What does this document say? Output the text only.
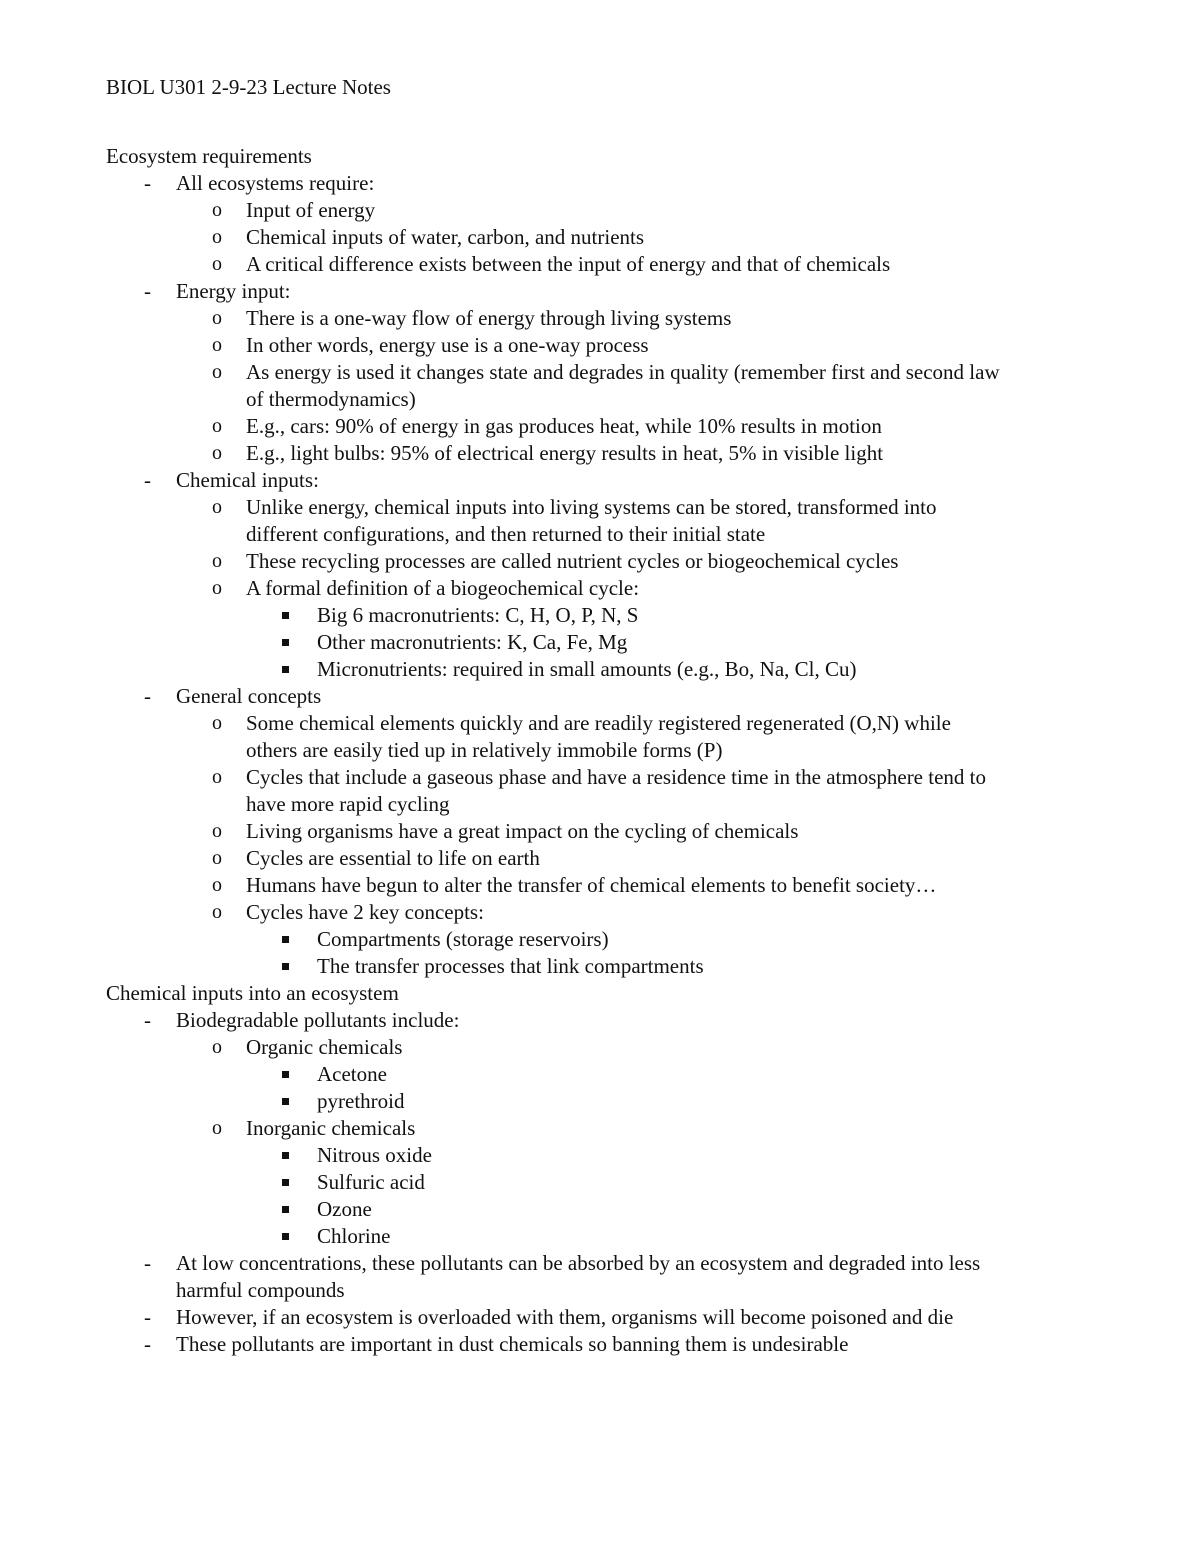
BIOL U301 2-9-23 Lecture Notes
Ecosystem requirements
- All ecosystems require:
o Input of energy
o Chemical inputs of water, carbon, and nutrients
o A critical difference exists between the input of energy and that of chemicals
- Energy input:
o There is a one-way flow of energy through living systems
o In other words, energy use is a one-way process
o As energy is used it changes state and degrades in quality (remember first and second law
of thermodynamics)
o E.g., cars: 90% of energy in gas produces heat, while 10% results in motion
o E.g., light bulbs: 95% of electrical energy results in heat, 5% in visible light
- Chemical inputs:
o Unlike energy, chemical inputs into living systems can be stored, transformed into
different configurations, and then returned to their initial state
o These recycling processes are called nutrient cycles or biogeochemical cycles
o A formal definition of a biogeochemical cycle:
Big 6 macronutrients: C, H, O, P, N, S
Other macronutrients: K, Ca, Fe, Mg
Micronutrients: required in small amounts (e.g., Bo, Na, Cl, Cu)
- General concepts
o Some chemical elements quickly and are readily registered regenerated (O,N) while
others are easily tied up in relatively immobile forms (P)
o Cycles that include a gaseous phase and have a residence time in the atmosphere tend to
have more rapid cycling
o Living organisms have a great impact on the cycling of chemicals
o Cycles are essential to life on earth
o Humans have begun to alter the transfer of chemical elements to benefit society…
o Cycles have 2 key concepts:
Compartments (storage reservoirs)
The transfer processes that link compartments
Chemical inputs into an ecosystem
- Biodegradable pollutants include:
o Organic chemicals
Acetone
pyrethroid
o Inorganic chemicals
Nitrous oxide
Sulfuric acid
Ozone
Chlorine
- At low concentrations, these pollutants can be absorbed by an ecosystem and degraded into less
harmful compounds
- However, if an ecosystem is overloaded with them, organisms will become poisoned and die
- These pollutants are important in dust chemicals so banning them is undesirable
